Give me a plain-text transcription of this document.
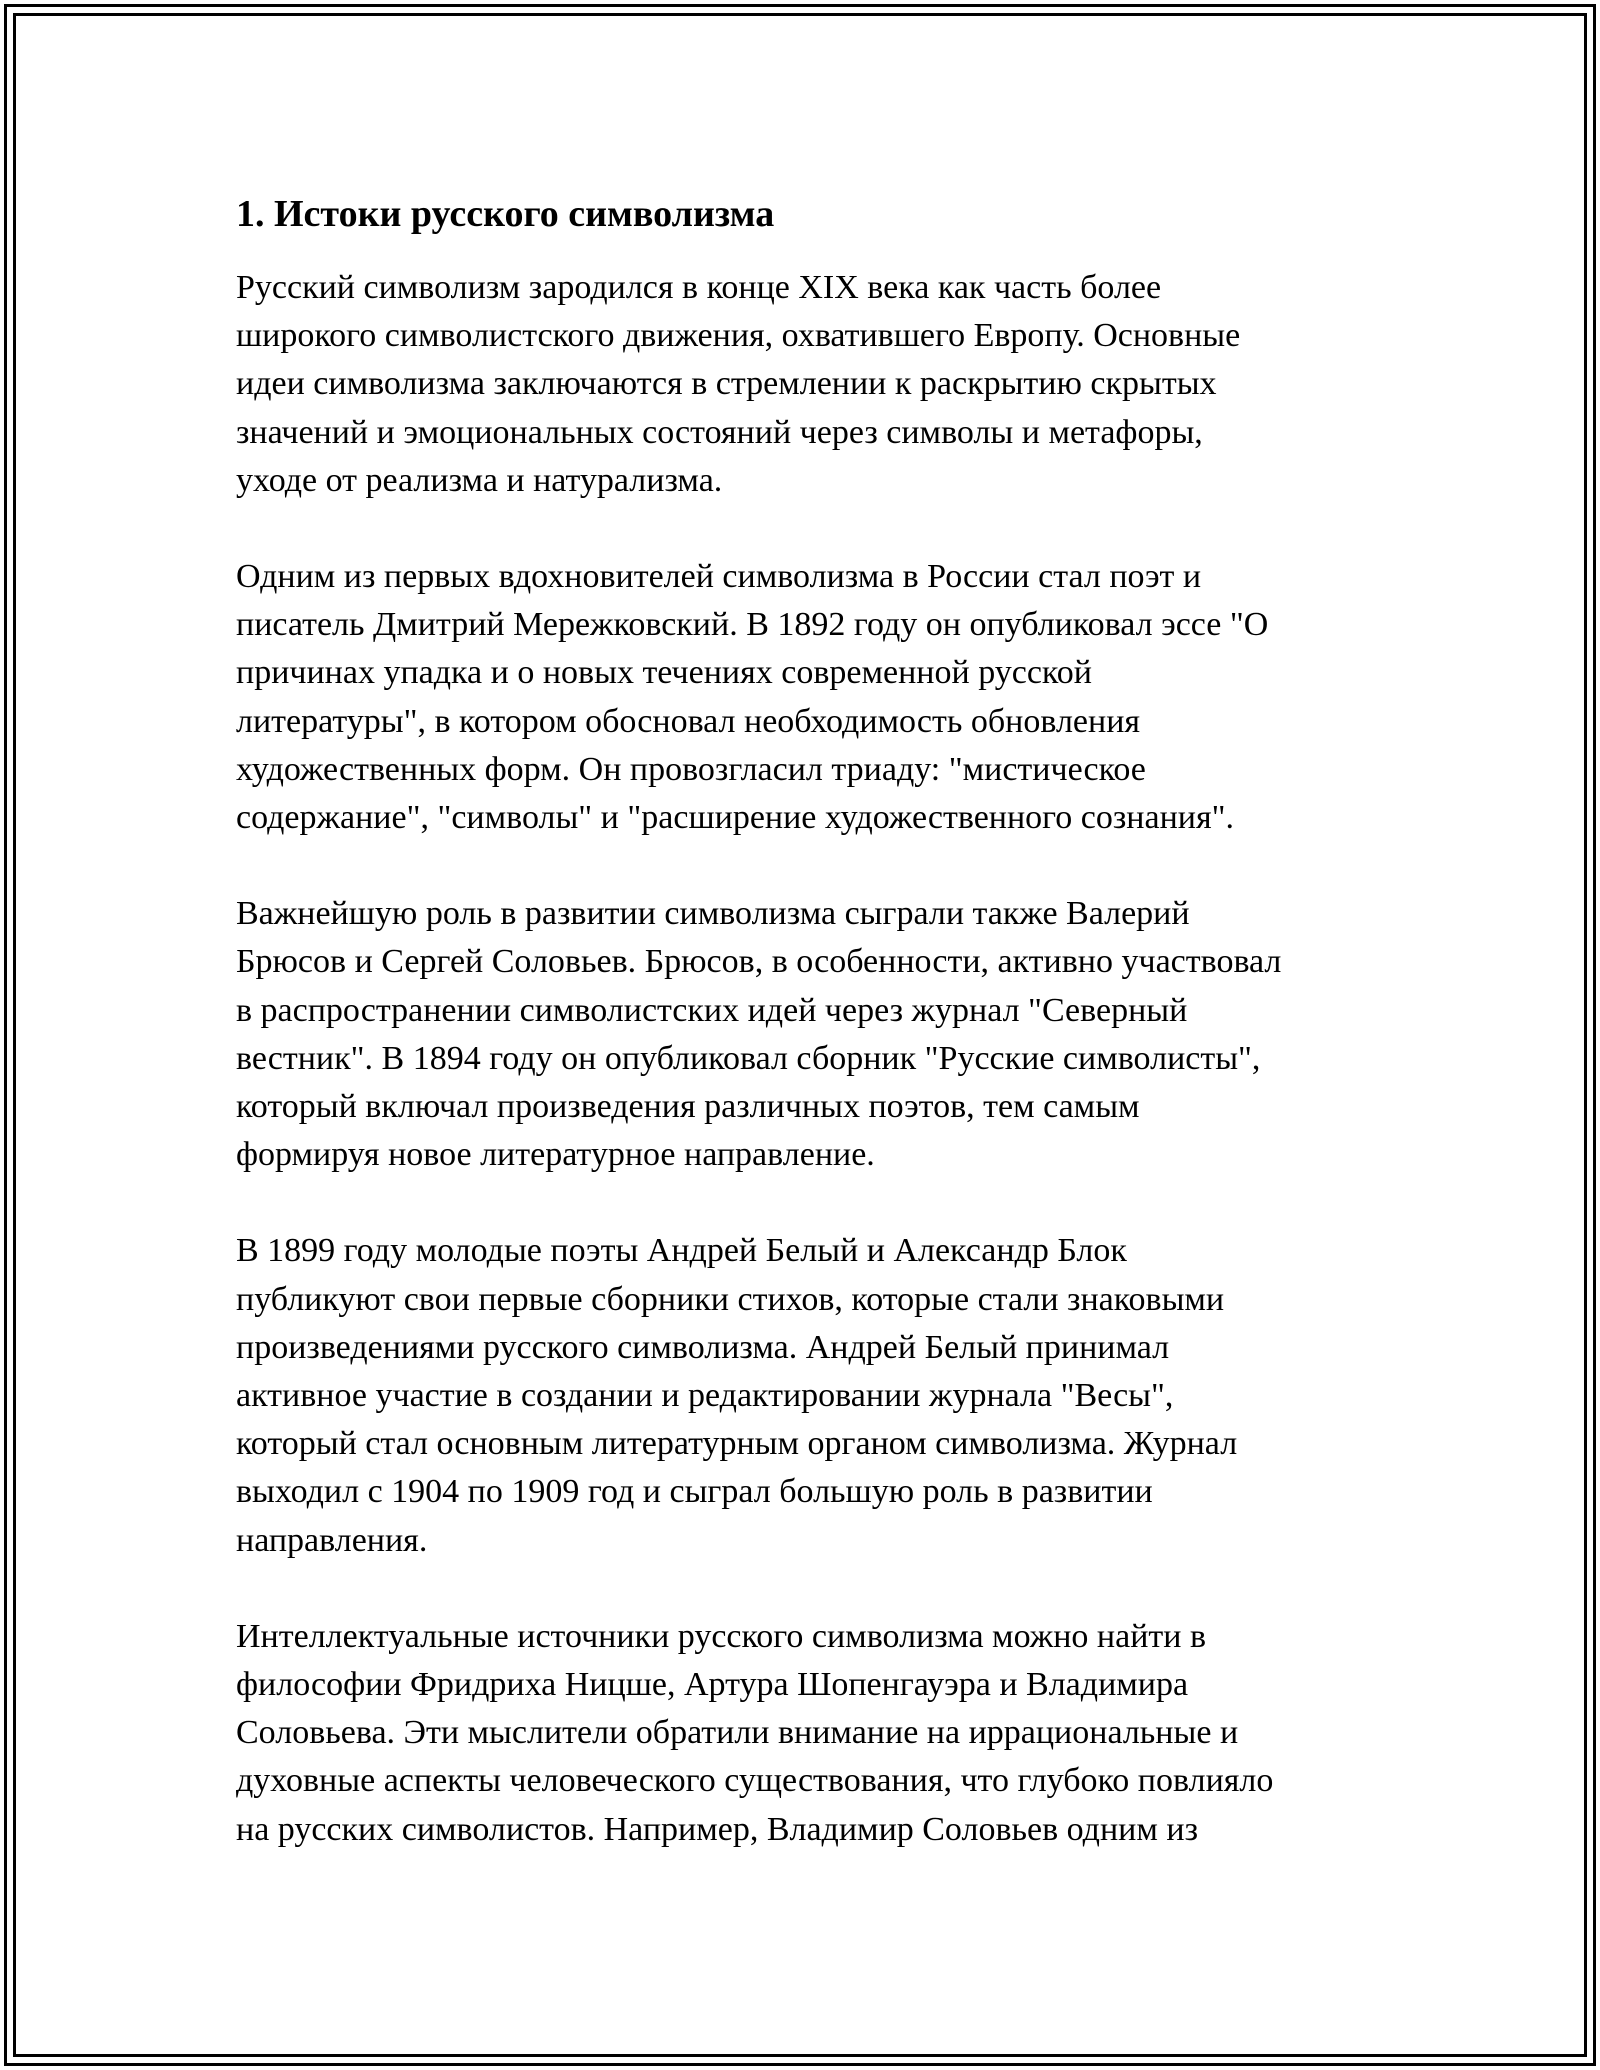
1. Истоки русского символизма

Русский символизм зародился в конце XIX века как часть более
широкого символистского движения, охватившего Европу. Основные
идеи символизма заключаются в стремлении к раскрытию скрытых
значений и эмоциональных состояний через символы и метафоры,
уходе от реализма и натурализма.

Одним из первых вдохновителей символизма в России стал поэт и
писатель Дмитрий Мережковский. В 1892 году он опубликовал эссе "О
причинах упадка и о новых течениях современной русской
литературы", в котором обосновал необходимость обновления
художественных форм. Он провозгласил триаду: "мистическое
содержание", "символы" и "расширение художественного сознания".

Важнейшую роль в развитии символизма сыграли также Валерий
Брюсов и Сергей Соловьев. Брюсов, в особенности, активно участвовал
в распространении символистских идей через журнал "Северный
вестник". В 1894 году он опубликовал сборник "Русские символисты",
который включал произведения различных поэтов, тем самым
формируя новое литературное направление.

В 1899 году молодые поэты Андрей Белый и Александр Блок
публикуют свои первые сборники стихов, которые стали знаковыми
произведениями русского символизма. Андрей Белый принимал
активное участие в создании и редактировании журнала "Весы",
который стал основным литературным органом символизма. Журнал
выходил с 1904 по 1909 год и сыграл большую роль в развитии
направления.

Интеллектуальные источники русского символизма можно найти в
философии Фридриха Ницше, Артура Шопенгауэра и Владимира
Соловьева. Эти мыслители обратили внимание на иррациональные и
духовные аспекты человеческого существования, что глубоко повлияло
на русских символистов. Например, Владимир Соловьев одним из
